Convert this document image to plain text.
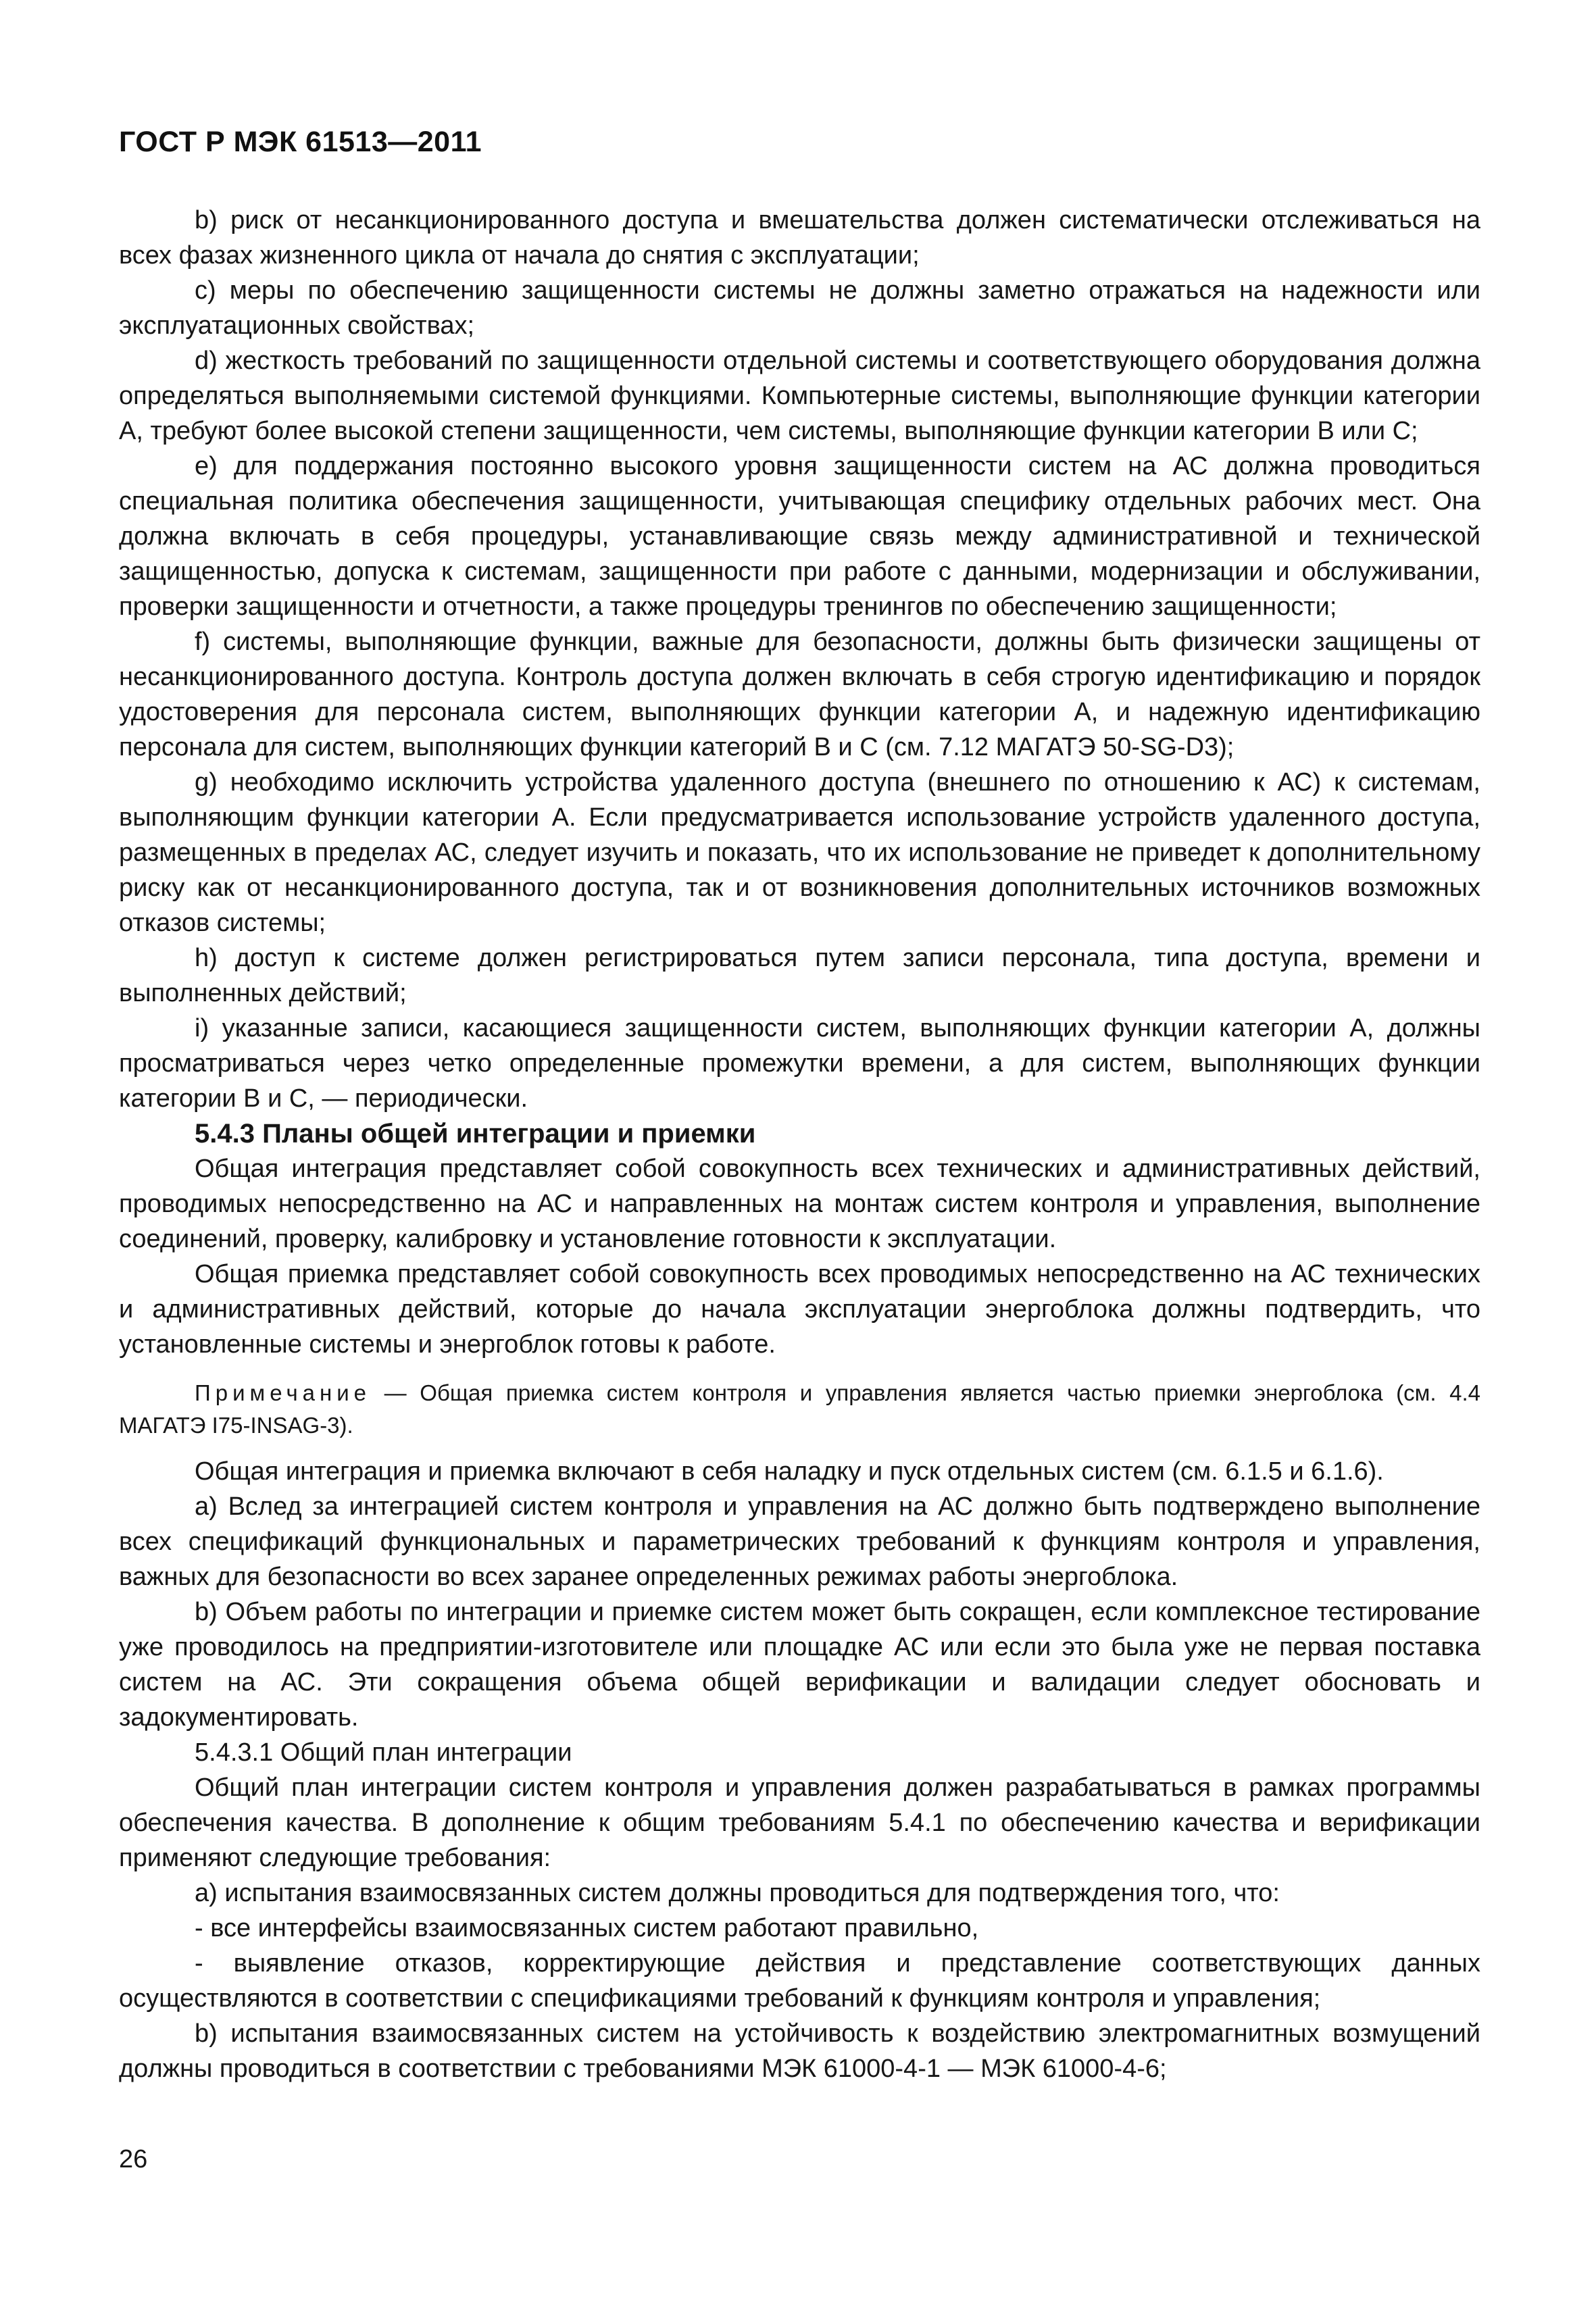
ГОСТ Р МЭК 61513—2011

b) риск от несанкционированного доступа и вмешательства должен систематически отслеживаться на всех фазах жизненного цикла от начала до снятия с эксплуатации;

c) меры по обеспечению защищенности системы не должны заметно отражаться на надежности или эксплуатационных свойствах;

d) жесткость требований по защищенности отдельной системы и соответствующего оборудования должна определяться выполняемыми системой функциями. Компьютерные системы, выполняющие функции категории А, требуют более высокой степени защищенности, чем системы, выполняющие функции категории В или С;

e) для поддержания постоянно высокого уровня защищенности систем на АС должна проводиться специальная политика обеспечения защищенности, учитывающая специфику отдельных рабочих мест. Она должна включать в себя процедуры, устанавливающие связь между административной и технической защищенностью, допуска к системам, защищенности при работе с данными, модернизации и обслуживании, проверки защищенности и отчетности, а также процедуры тренингов по обеспечению защищенности;

f) системы, выполняющие функции, важные для безопасности, должны быть физически защищены от несанкционированного доступа. Контроль доступа должен включать в себя строгую идентификацию и порядок удостоверения для персонала систем, выполняющих функции категории А, и надежную идентификацию персонала для систем, выполняющих функции категорий В и С (см. 7.12 МАГАТЭ 50-SG-D3);

g) необходимо исключить устройства удаленного доступа (внешнего по отношению к АС) к системам, выполняющим функции категории А. Если предусматривается использование устройств удаленного доступа, размещенных в пределах АС, следует изучить и показать, что их использование не приведет к дополнительному риску как от несанкционированного доступа, так и от возникновения дополнительных источников возможных отказов системы;

h) доступ к системе должен регистрироваться путем записи персонала, типа доступа, времени и выполненных действий;

i) указанные записи, касающиеся защищенности систем, выполняющих функции категории А, должны просматриваться через четко определенные промежутки времени, а для систем, выполняющих функции категории В и С, — периодически.

5.4.3 Планы общей интеграции и приемки

Общая интеграция представляет собой совокупность всех технических и административных действий, проводимых непосредственно на АС и направленных на монтаж систем контроля и управления, выполнение соединений, проверку, калибровку и установление готовности к эксплуатации.

Общая приемка представляет собой совокупность всех проводимых непосредственно на АС технических и административных действий, которые до начала эксплуатации энергоблока должны подтвердить, что установленные системы и энергоблок готовы к работе.

Примечание — Общая приемка систем контроля и управления является частью приемки энергоблока (см. 4.4 МАГАТЭ I75-INSAG-3).

Общая интеграция и приемка включают в себя наладку и пуск отдельных систем (см. 6.1.5 и 6.1.6).

a) Вслед за интеграцией систем контроля и управления на АС должно быть подтверждено выполнение всех спецификаций функциональных и параметрических требований к функциям контроля и управления, важных для безопасности во всех заранее определенных режимах работы энергоблока.

b) Объем работы по интеграции и приемке систем может быть сокращен, если комплексное тестирование уже проводилось на предприятии-изготовителе или площадке АС или если это была уже не первая поставка систем на АС. Эти сокращения объема общей верификации и валидации следует обосновать и задокументировать.

5.4.3.1 Общий план интеграции

Общий план интеграции систем контроля и управления должен разрабатываться в рамках программы обеспечения качества. В дополнение к общим требованиям 5.4.1 по обеспечению качества и верификации применяют следующие требования:

a) испытания взаимосвязанных систем должны проводиться для подтверждения того, что:

- все интерфейсы взаимосвязанных систем работают правильно,

- выявление отказов, корректирующие действия и представление соответствующих данных осуществляются в соответствии с спецификациями требований к функциям контроля и управления;

b) испытания взаимосвязанных систем на устойчивость к воздействию электромагнитных возмущений должны проводиться в соответствии с требованиями МЭК 61000-4-1 — МЭК 61000-4-6;

26
